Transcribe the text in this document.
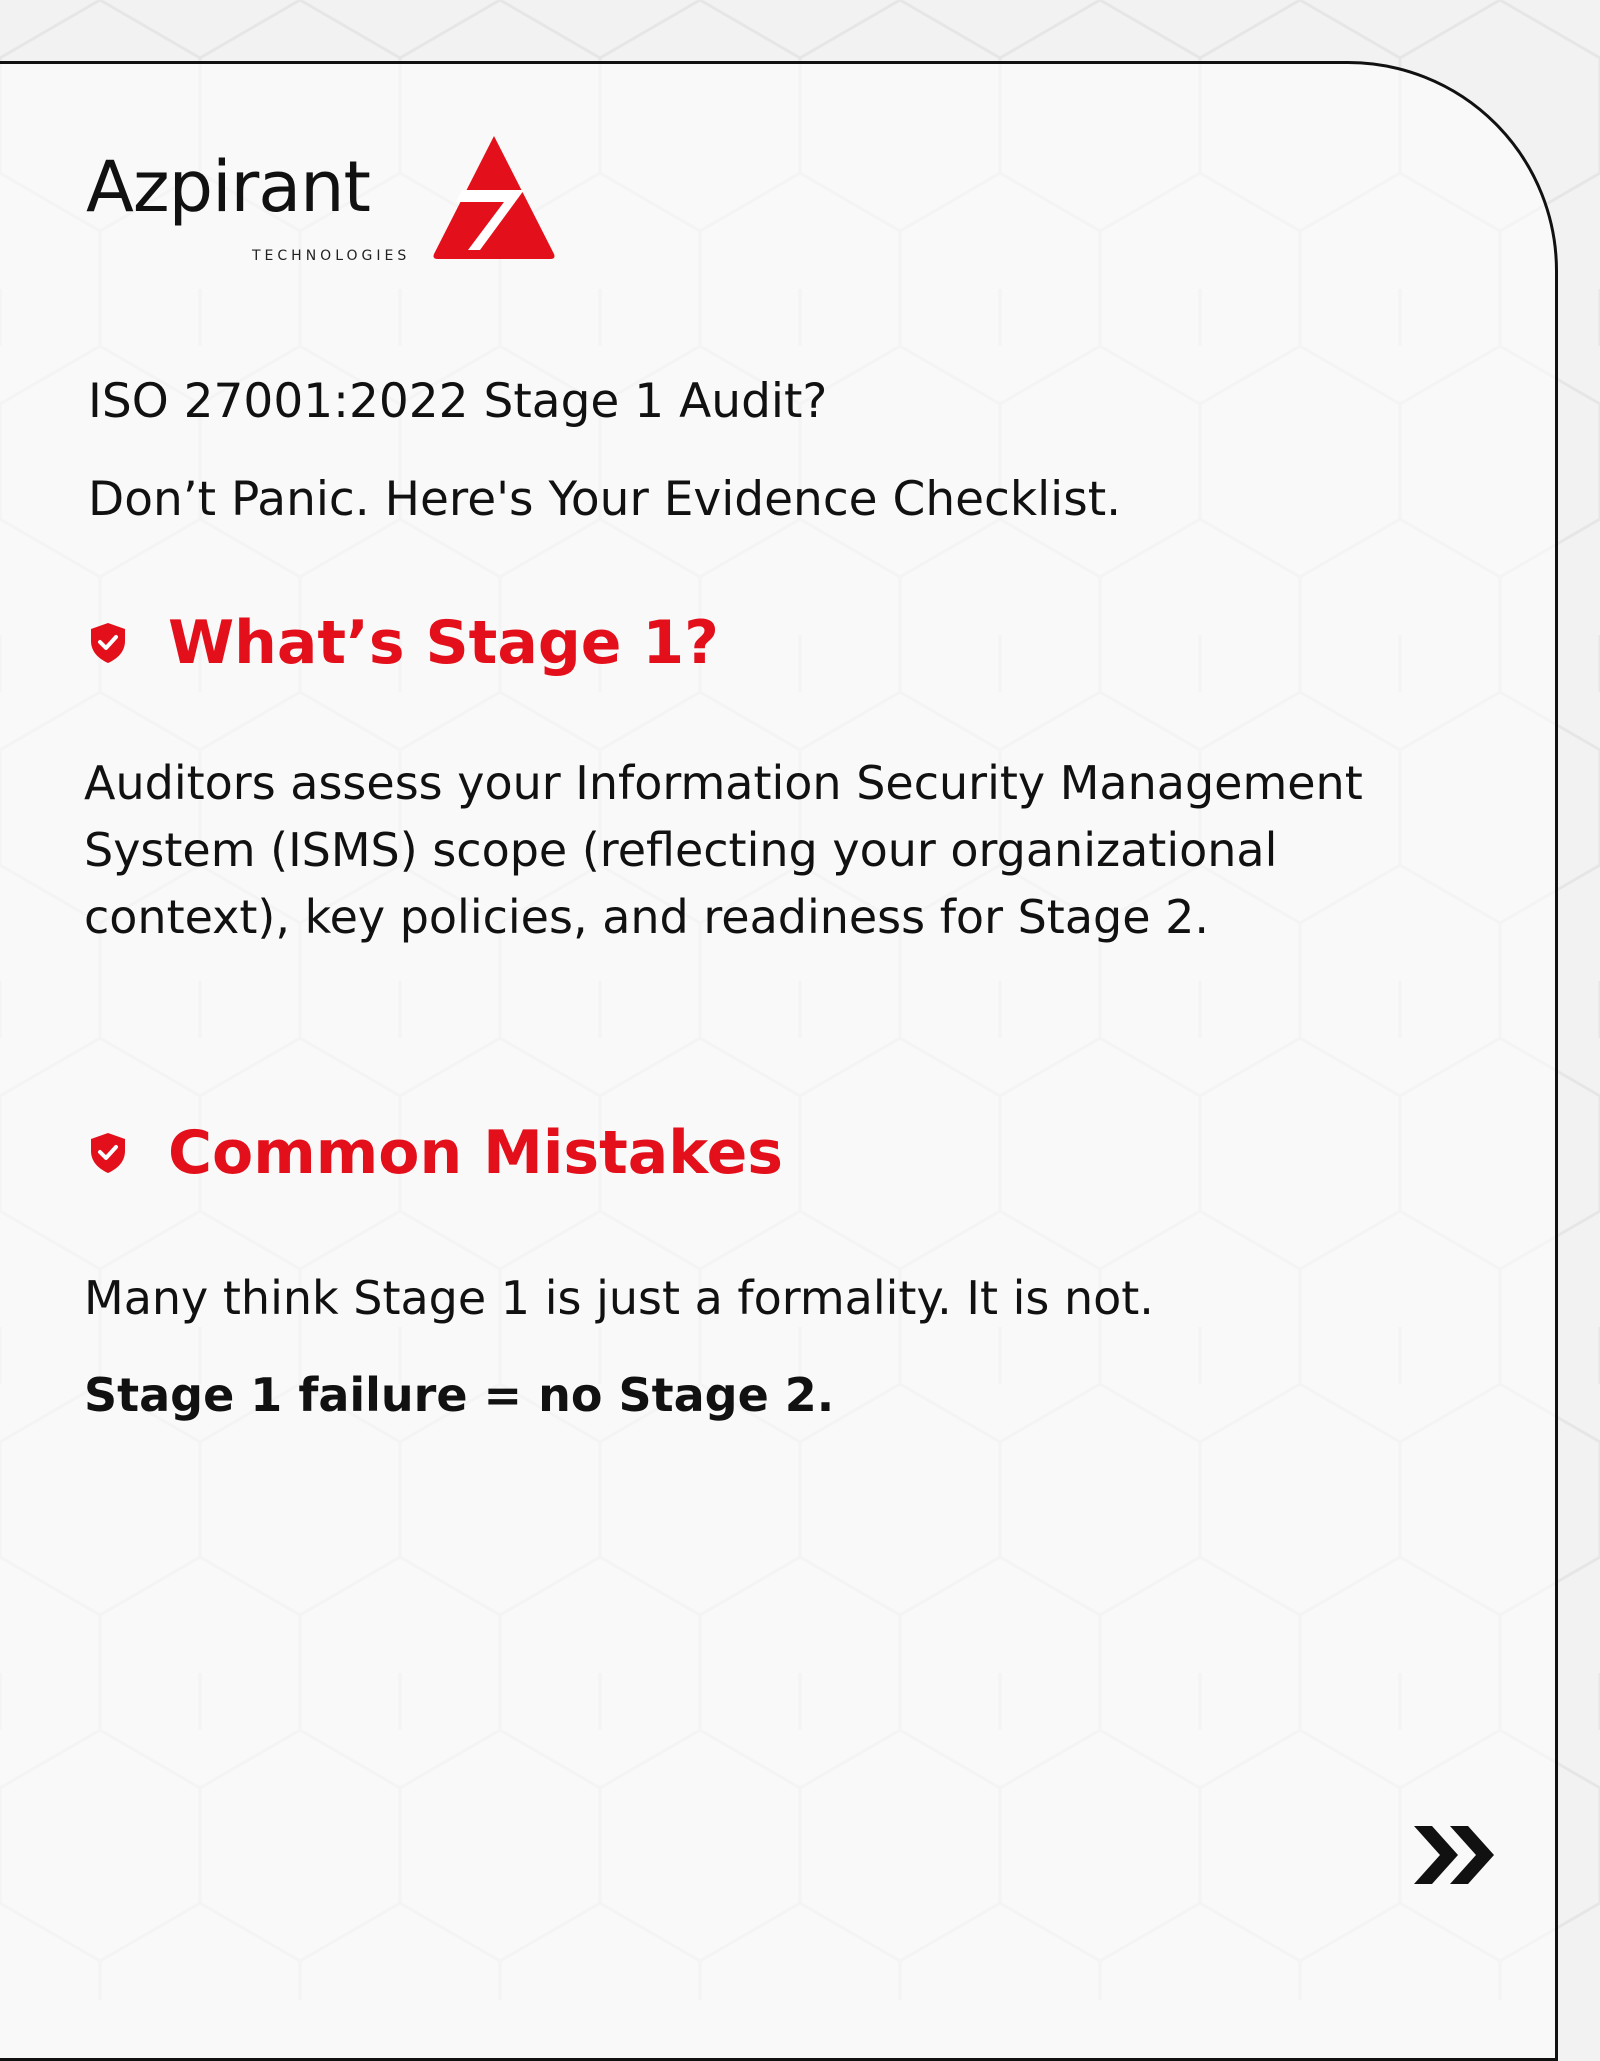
Azpirant
TECHNOLOGIES
ISO 27001:2022 Stage 1 Audit?
Don’t Panic. Here's Your Evidence Checklist.
What’s Stage 1?

Auditors assess your Information Security Management System (ISMS) scope (reflecting your organizational context), key policies, and readiness for Stage 2.

Common Mistakes

Many think Stage 1 is just a formality. It is not.

Stage 1 failure = no Stage 2.
